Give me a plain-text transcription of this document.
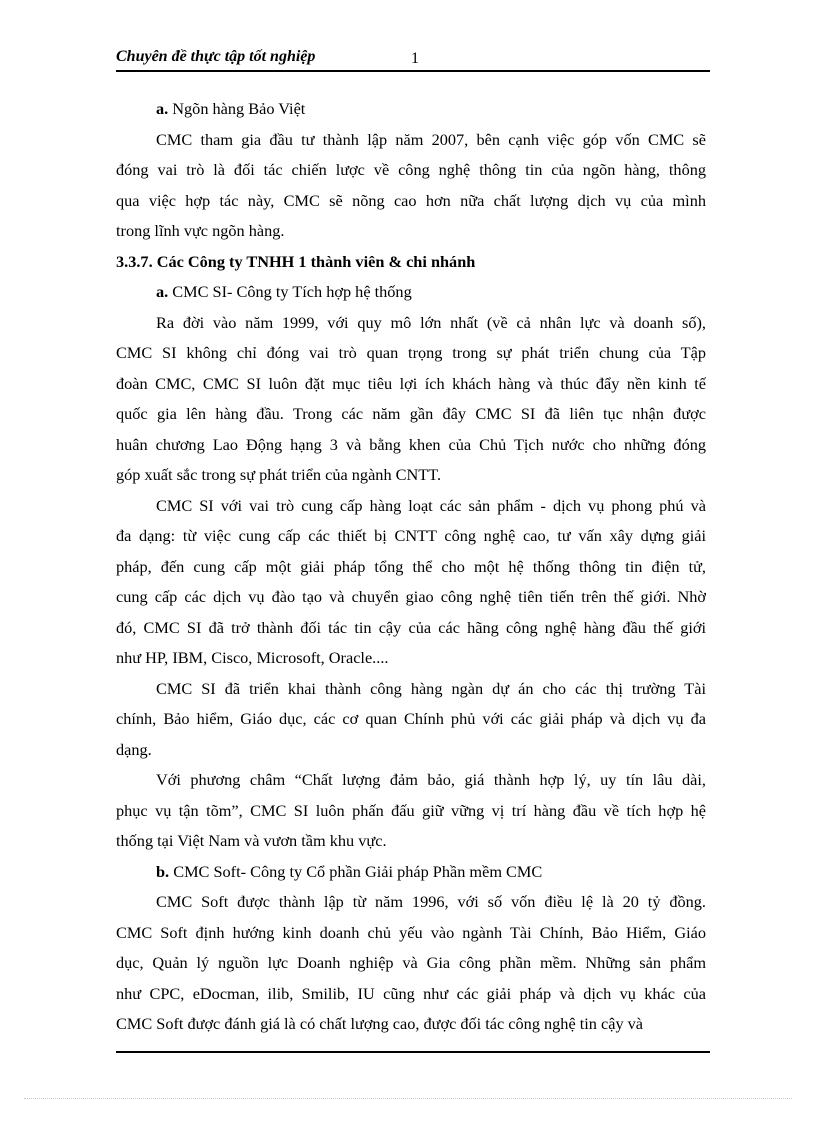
Chuyên đề thực tập tốt nghiệp	1
a. Ngõn hàng Bảo Việt
CMC tham gia đầu tư thành lập năm 2007, bên cạnh việc góp vốn CMC sẽ
đóng vai trò là đối tác chiến lược về công nghệ thông tin của ngõn hàng, thông
qua việc hợp tác này, CMC sẽ nõng cao hơn nữa chất lượng dịch vụ của mình
trong lĩnh vực ngõn hàng.
3.3.7. Các Công ty TNHH 1 thành viên & chi nhánh
a. CMC SI- Công ty Tích hợp hệ thống
Ra đời vào năm 1999, với quy mô lớn nhất (về cả nhân lực và doanh số),
CMC SI không chỉ đóng vai trò quan trọng trong sự phát triển chung của Tập
đoàn CMC, CMC SI luôn đặt mục tiêu lợi ích khách hàng và thúc đẩy nền kinh tế
quốc gia lên hàng đầu. Trong các năm gần đây CMC SI đã liên tục nhận được
huân chương Lao Động hạng 3 và bằng khen của Chủ Tịch nước cho những đóng
góp xuất sắc trong sự phát triển của ngành CNTT.
CMC SI với vai trò cung cấp hàng loạt các sản phẩm - dịch vụ phong phú và
đa dạng: từ việc cung cấp các thiết bị CNTT công nghệ cao, tư vấn xây dựng giải
pháp, đến cung cấp một giải pháp tổng thể cho một hệ thống thông tin điện tử,
cung cấp các dịch vụ đào tạo và chuyển giao công nghệ tiên tiến trên thế giới. Nhờ
đó, CMC SI đã trở thành đối tác tin cậy của các hãng công nghệ hàng đầu thế giới
như HP, IBM, Cisco, Microsoft, Oracle....
CMC SI đã triển khai thành công hàng ngàn dự án cho các thị trường Tài
chính, Bảo hiểm, Giáo dục, các cơ quan Chính phủ với các giải pháp và dịch vụ đa
dạng.
Với phương châm “Chất lượng đảm bảo, giá thành hợp lý, uy tín lâu dài,
phục vụ tận tõm”, CMC SI luôn phấn đấu giữ vững vị trí hàng đầu về tích hợp hệ
thống tại Việt Nam và vươn tầm khu vực.
b. CMC Soft- Công ty Cổ phần Giải pháp Phần mềm CMC
CMC Soft được thành lập từ năm 1996, với số vốn điều lệ là 20 tỷ đồng.
CMC Soft định hướng kinh doanh chủ yếu vào ngành Tài Chính, Bảo Hiểm, Giáo
dục, Quản lý nguồn lực Doanh nghiệp và Gia công phần mềm. Những sản phẩm
như CPC, eDocman, ilib, Smilib, IU cũng như các giải pháp và dịch vụ khác của
CMC Soft được đánh giá là có chất lượng cao, được đối tác công nghệ tin cậy và
